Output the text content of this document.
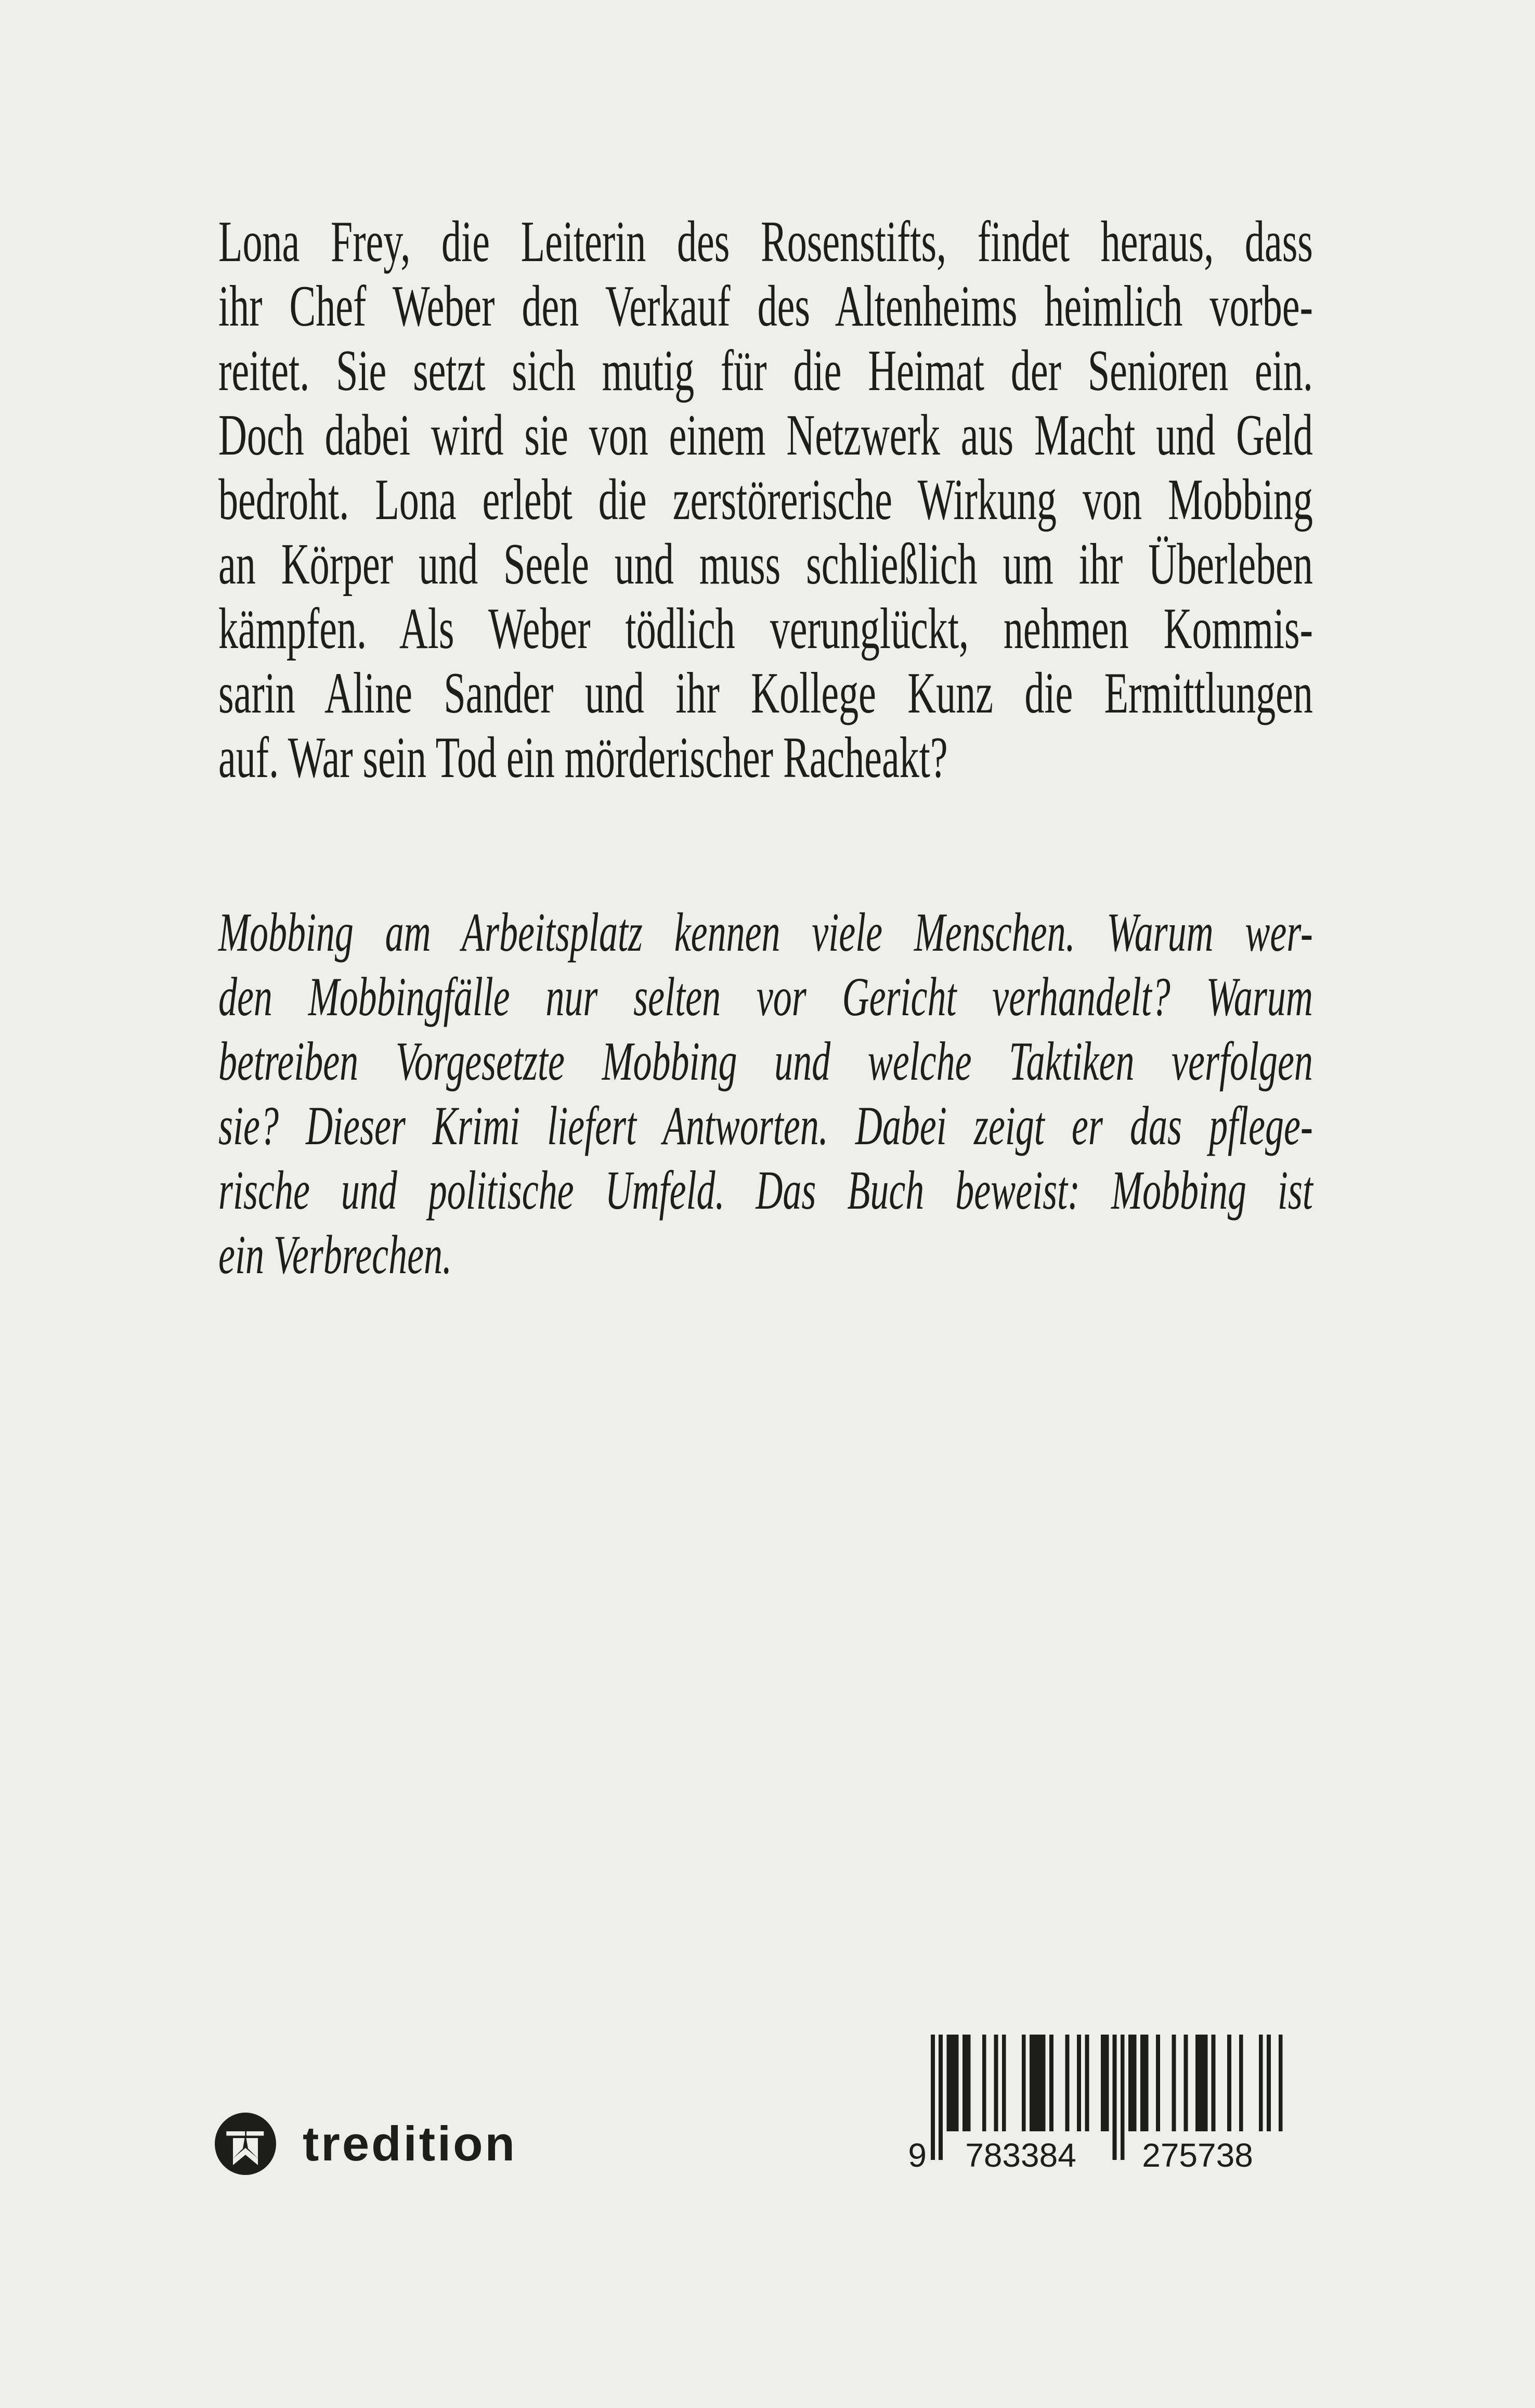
Lona Frey, die Leiterin des Rosenstifts, findet heraus, dass
ihr Chef Weber den Verkauf des Altenheims heimlich vorbe-
reitet. Sie setzt sich mutig für die Heimat der Senioren ein.
Doch dabei wird sie von einem Netzwerk aus Macht und Geld
bedroht. Lona erlebt die zerstörerische Wirkung von Mobbing
an Körper und Seele und muss schließlich um ihr Überleben
kämpfen. Als Weber tödlich verunglückt, nehmen Kommis-
sarin Aline Sander und ihr Kollege Kunz die Ermittlungen
auf. War sein Tod ein mörderischer Racheakt?
Mobbing am Arbeitsplatz kennen viele Menschen. Warum wer-
den Mobbingfälle nur selten vor Gericht verhandelt? Warum
betreiben Vorgesetzte Mobbing und welche Taktiken verfolgen
sie? Dieser Krimi liefert Antworten. Dabei zeigt er das pflege-
rische und politische Umfeld. Das Buch beweist: Mobbing ist
ein Verbrechen.
tredition	9	783384	275738
